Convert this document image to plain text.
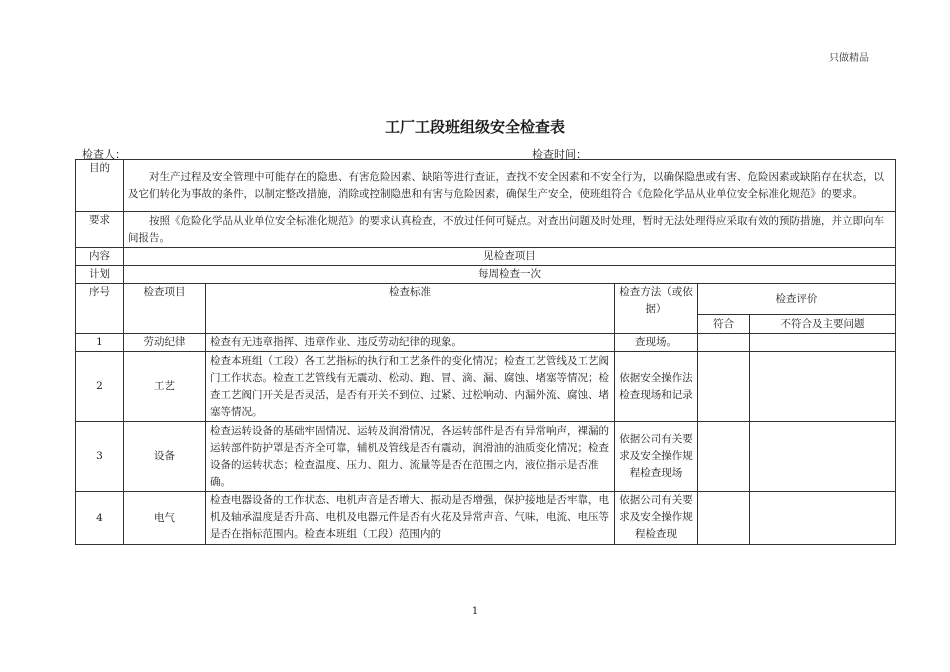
只做精品
工厂工段班组级安全检查表
检查人：	检查时间：
目的	对生产过程及安全管理中可能存在的隐患、有害危险因素、缺陷等进行查证，查找不安全因素和不安全行为，以确保隐患或有害、危险因素或缺陷存在状态，以及它们转化为事故的条件，以制定整改措施，消除或控制隐患和有害与危险因素，确保生产安全，使班组符合《危险化学品从业单位安全标准化规范》的要求。				
要求	按照《危险化学品从业单位安全标准化规范》的要求认真检查，不放过任何可疑点。对查出问题及时处理，暂时无法处理得应采取有效的预防措施，并立即向车间报告。				
内容	见检查项目				
计划	每周检查一次				
序号	检查项目	检查标准	检查方法（或依据）	检查评价	
				符合	不符合及主要问题
1	劳动纪律	检查有无违章指挥、违章作业、违反劳动纪律的现象。	查现场。		
2	工艺	检查本班组（工段）各工艺指标的执行和工艺条件的变化情况；检查工艺管线及工艺阀门工作状态。检查工艺管线有无震动、松动、跑、冒、滴、漏、腐蚀、堵塞等情况；检查工艺阀门开关是否灵活，是否有开关不到位、过紧、过松响动、内漏外流、腐蚀、堵塞等情况。	依据安全操作法检查现场和记录		
3	设备	检查运转设备的基础牢固情况、运转及润滑情况，各运转部件是否有异常响声，裸漏的运转部件防护罩是否齐全可靠，辅机及管线是否有震动，润滑油的油质变化情况；检查设备的运转状态；检查温度、压力、阻力、流量等是否在范围之内，液位指示是否准确。	依据公司有关要求及安全操作规程检查现场		
4	电气	检查电器设备的工作状态、电机声音是否增大、振动是否增强，保护接地是否牢靠，电机及轴承温度是否升高、电机及电器元件是否有火花及异常声音、气味，电流、电压等是否在指标范围内。检查本班组（工段）范围内的	依据公司有关要求及安全操作规程检查现		
1
